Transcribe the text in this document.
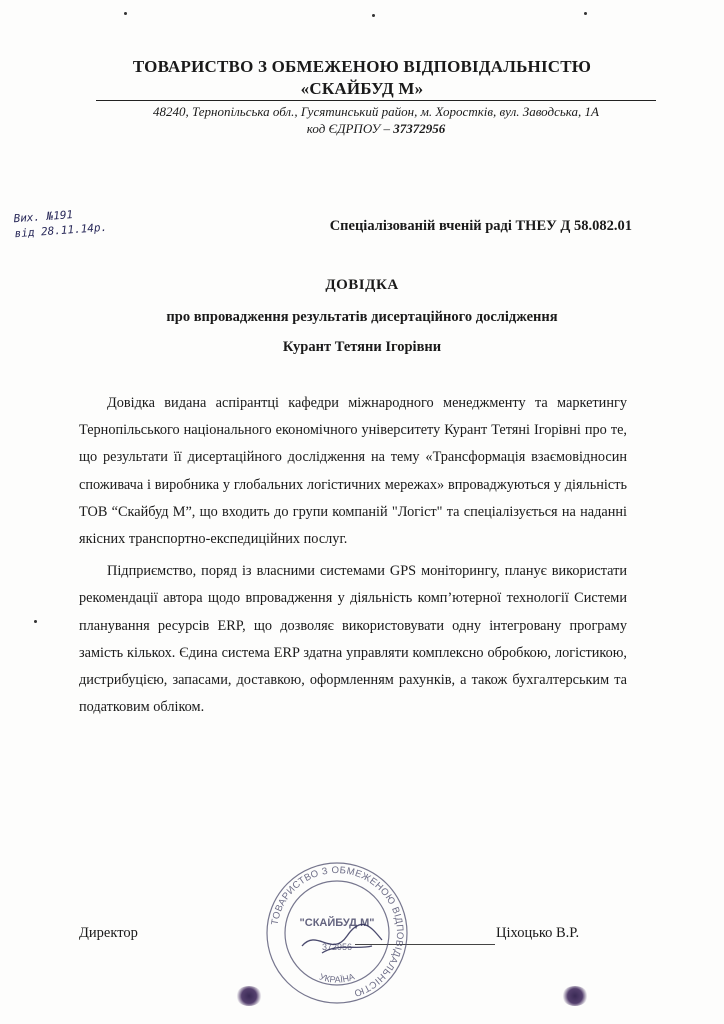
ТОВАРИСТВО З ОБМЕЖЕНОЮ ВІДПОВІДАЛЬНІСТЮ
«СКАЙБУД М»
48240, Тернопільська обл., Гусятинський район, м. Хоростків, вул. Заводська, 1А
код ЄДРПОУ – 37372956
Вих. №191
від 28.11.14р.	Спеціалізованій вченій раді ТНЕУ Д 58.082.01
ДОВІДКА
про впровадження результатів дисертаційного дослідження
Курант Тетяни Ігорівни

Довідка видана аспірантці кафедри міжнародного менеджменту та маркетингу Тернопільського національного економічного університету Курант Тетяні Ігорівні про те, що результати її дисертаційного дослідження на тему «Трансформація взаємовідносин споживача і виробника у глобальних логістичних мережах» впроваджуються у діяльність ТОВ “Скайбуд М”, що входить до групи компаній "Логіст" та спеціалізується на наданні якісних транспортно-експедиційних послуг.

Підприємство, поряд із власними системами GPS моніторингу, планує використати рекомендації автора щодо впровадження у діяльність комп’ютерної технології Системи планування ресурсів ERP, що дозволяє використовувати одну інтегровану програму замість кількох. Єдина система ERP здатна управляти комплексно обробкою, логістикою, дистрибуцією, запасами, доставкою, оформленням рахунків, а також бухгалтерським та податковим обліком.

Директор	Ціхоцько В.Р.
ТОВАРИСТВО З ОБМЕЖЕНОЮ ВІДПОВІДАЛЬНІСТЮ
"СКАЙБУД М"
372956
УКРАЇНА
